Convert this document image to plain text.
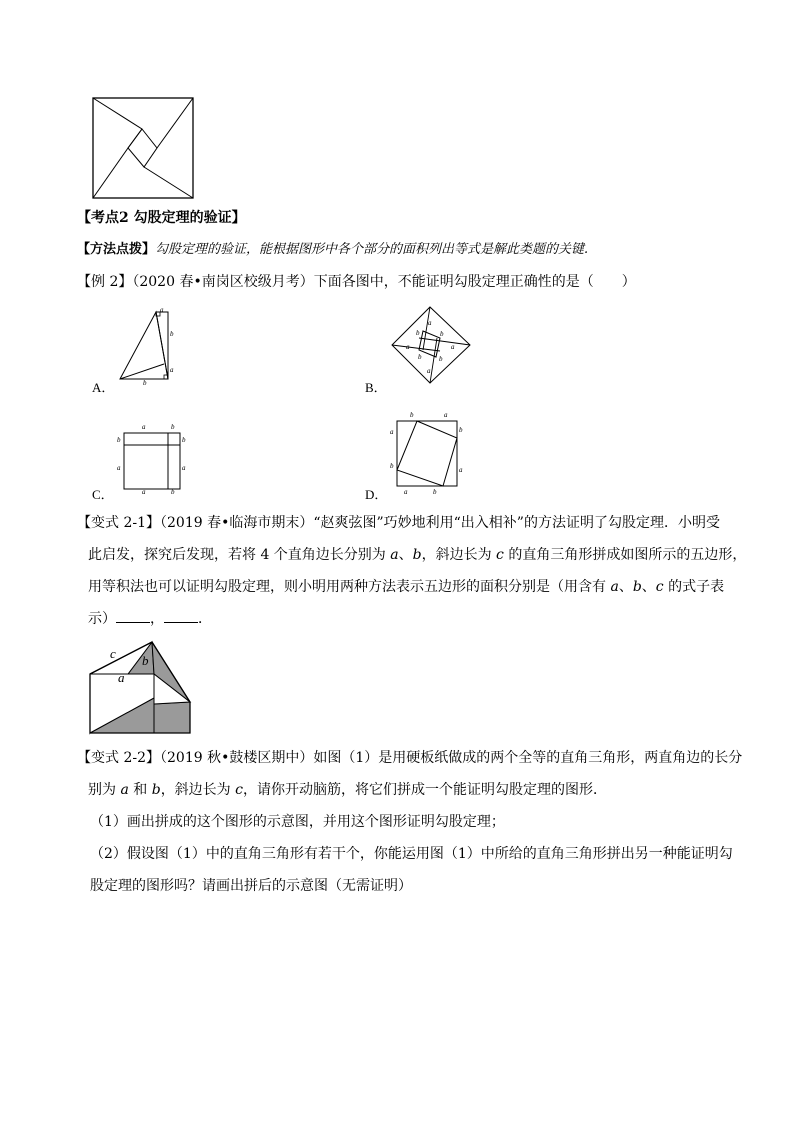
【考点2 勾股定理的验证】
【方法点拨】勾股定理的验证，能根据图形中各个部分的面积列出等式是解此类题的关键.
【例 2】（2020 春•南岗区校级月考）下面各图中，不能证明勾股定理正确性的是（　　）
A．
a
b
a
b	B．
a
b	b
a
a
b	b
a
C．
a	b
b	b
a	a
a	b	D．
b	a
a	b
b	a
a	b
【变式 2-1】（2019 春•临海市期末）“赵爽弦图”巧妙地利用“出入相补”的方法证明了勾股定理．小明受
此启发，探究后发现，若将 4 个直角边长分别为 a、b，斜边长为 c 的直角三角形拼成如图所示的五边形，
用等积法也可以证明勾股定理，则小明用两种方法表示五边形的面积分别是（用含有 a、b、c 的式子表
示） ， ．
c b
a
【变式 2-2】（2019 秋•鼓楼区期中）如图（1）是用硬板纸做成的两个全等的直角三角形，两直角边的长分
别为 a 和 b，斜边长为 c，请你开动脑筋，将它们拼成一个能证明勾股定理的图形．
（1）画出拼成的这个图形的示意图，并用这个图形证明勾股定理；
（2）假设图（1）中的直角三角形有若干个，你能运用图（1）中所给的直角三角形拼出另一种能证明勾
股定理的图形吗？请画出拼后的示意图（无需证明）
